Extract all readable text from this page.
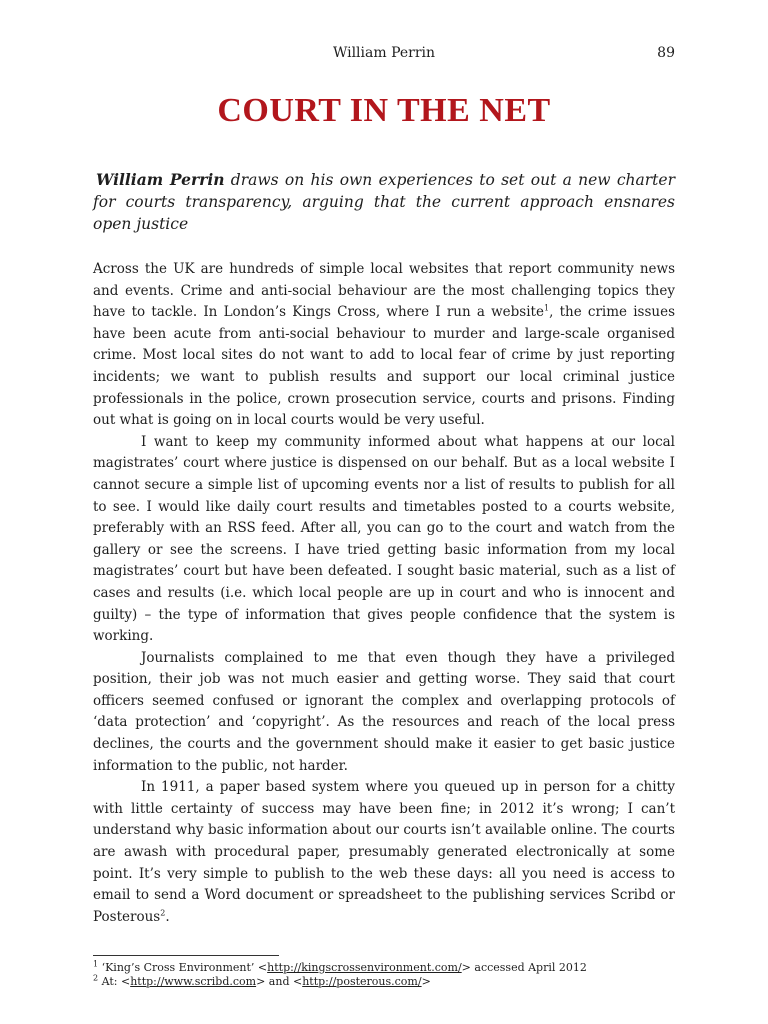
William Perrin	89
COURT IN THE NET

William Perrin draws on his own experiences to set out a new charter for courts transparency, arguing that the current approach ensnares open justice

Across the UK are hundreds of simple local websites that report community news and events. Crime and anti-social behaviour are the most challenging topics they have to tackle. In London’s Kings Cross, where I run a website$^1$, the crime issues have been acute from anti-social behaviour to murder and large-scale organised crime. Most local sites do not want to add to local fear of crime by just reporting incidents; we want to publish results and support our local criminal justice professionals in the police, crown prosecution service, courts and prisons. Finding out what is going on in local courts would be very useful.

I want to keep my community informed about what happens at our local magistrates’ court where justice is dispensed on our behalf. But as a local website I cannot secure a simple list of upcoming events nor a list of results to publish for all to see. I would like daily court results and timetables posted to a courts website, preferably with an RSS feed. After all, you can go to the court and watch from the gallery or see the screens. I have tried getting basic information from my local magistrates’ court but have been defeated. I sought basic material, such as a list of cases and results (i.e. which local people are up in court and who is innocent and guilty) – the type of information that gives people confidence that the system is working.

Journalists complained to me that even though they have a privileged position, their job was not much easier and getting worse. They said that court officers seemed confused or ignorant the complex and overlapping protocols of ‘data protection’ and ‘copyright’. As the resources and reach of the local press declines, the courts and the government should make it easier to get basic justice information to the public, not harder.

In 1911, a paper based system where you queued up in person for a chitty with little certainty of success may have been fine; in 2012 it’s wrong; I can’t understand why basic information about our courts isn’t available online. The courts are awash with procedural paper, presumably generated electronically at some point. It’s very simple to publish to the web these days: all you need is access to email to send a Word document or spreadsheet to the publishing services Scribd or Posterous$^2$.

$^1$ ‘King’s Cross Environment’ <http://kingscrossenvironment.com/> accessed April 2012
$^2$ At: <http://www.scribd.com> and <http://posterous.com/>
